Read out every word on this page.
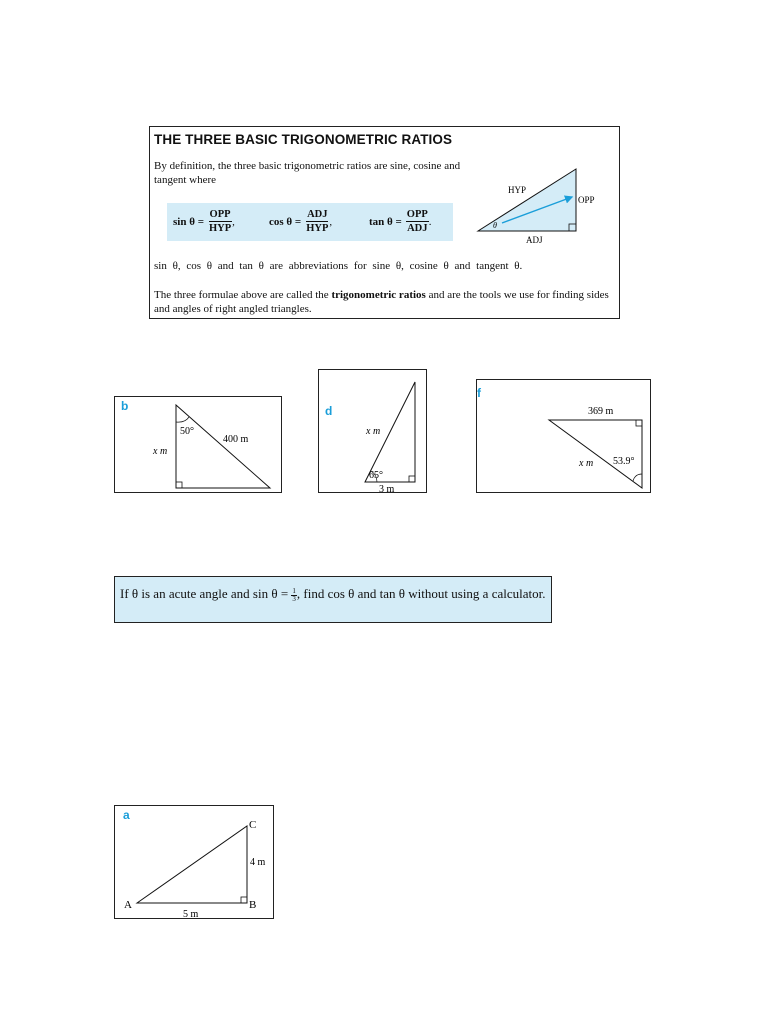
THE THREE BASIC TRIGONOMETRIC RATIOS
By definition, the three basic trigonometric ratios are sine, cosine and tangent where
$\sin \theta = \frac{\text{OPP}}{\text{HYP}}$ ,	$\cos \theta = \frac{\text{ADJ}}{\text{HYP}}$ ,	$\tan \theta = \frac{\text{OPP}}{\text{ADJ}}$ .
sin θ, cos θ and tan θ are abbreviations for sine θ, cosine θ and tangent θ.
The three formulae above are called the trigonometric ratios and are the tools we use for finding sides and angles of right angled triangles.
HYP
OPP
ADJ
θ
b
50°
400 m
x m
d
65°
x m
3 m
f
369 m
x m 53.9°
If θ is an acute angle and $\sin \theta = \frac{1}{3}$ , find cos θ and tan θ without using a calculator.
a
C
A	B
4 m
5 m
